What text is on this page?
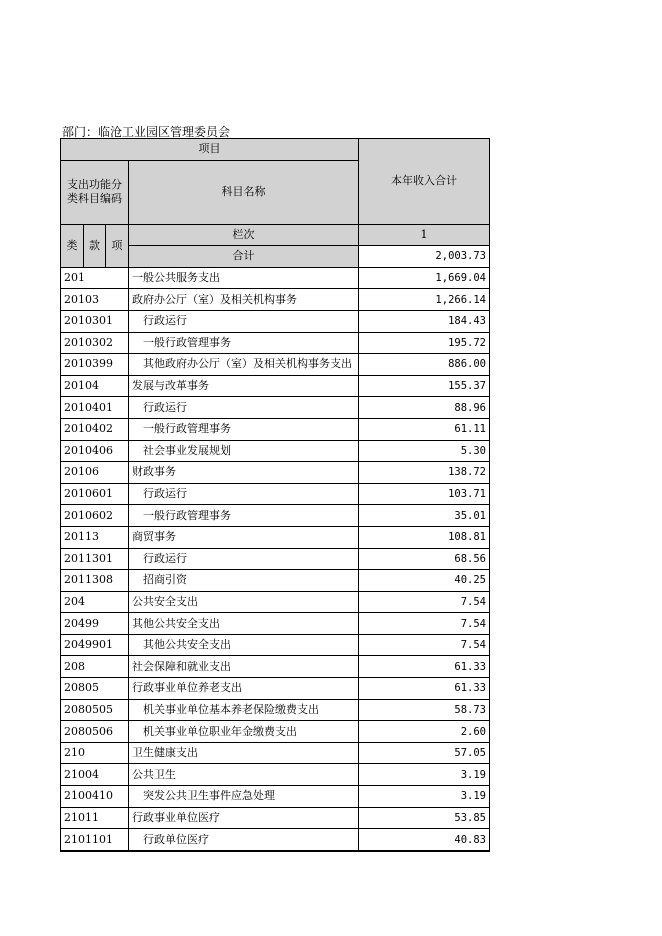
部门：临沧工业园区管理委员会
项目				本年收入合计
支出功能分类科目编码			科目名称	
类	款	项	栏次	1
			合计	2,003.73
201			一般公共服务支出	1,669.04
20103			政府办公厅（室）及相关机构事务	1,266.14
2010301			行政运行	184.43
2010302			一般行政管理事务	195.72
2010399			其他政府办公厅（室）及相关机构事务支出	886.00
20104			发展与改革事务	155.37
2010401			行政运行	88.96
2010402			一般行政管理事务	61.11
2010406			社会事业发展规划	5.30
20106			财政事务	138.72
2010601			行政运行	103.71
2010602			一般行政管理事务	35.01
20113			商贸事务	108.81
2011301			行政运行	68.56
2011308			招商引资	40.25
204			公共安全支出	7.54
20499			其他公共安全支出	7.54
2049901			其他公共安全支出	7.54
208			社会保障和就业支出	61.33
20805			行政事业单位养老支出	61.33
2080505			机关事业单位基本养老保险缴费支出	58.73
2080506			机关事业单位职业年金缴费支出	2.60
210			卫生健康支出	57.05
21004			公共卫生	3.19
2100410			突发公共卫生事件应急处理	3.19
21011			行政事业单位医疗	53.85
2101101			行政单位医疗	40.83
